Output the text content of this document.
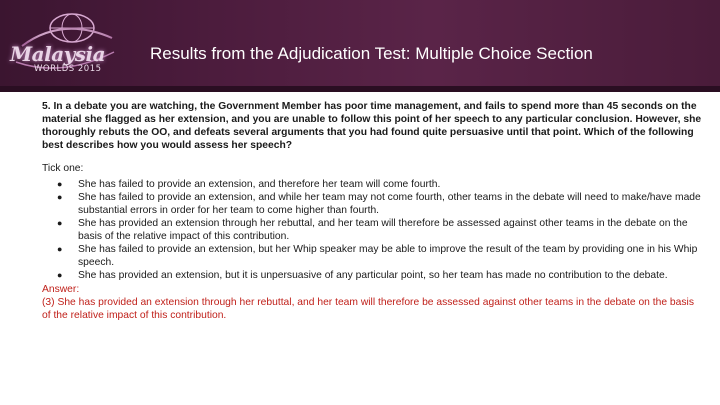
Malaysia
WORLDS 2015
Results from the Adjudication Test: Multiple Choice Section

5. In a debate you are watching, the Government Member has poor time management, and fails to spend more than 45 seconds on the material she flagged as her extension, and you are unable to follow this point of her speech to any particular conclusion. However, she thoroughly rebuts the OO, and defeats several arguments that you had found quite persuasive until that point. Which of the following best describes how you would assess her speech?

Tick one:

● She has failed to provide an extension, and therefore her team will come fourth.
● She has failed to provide an extension, and while her team may not come fourth, other teams in the debate will need to make/have made substantial errors in order for her team to come higher than fourth.
● She has provided an extension through her rebuttal, and her team will therefore be assessed against other teams in the debate on the basis of the relative impact of this contribution.
● She has failed to provide an extension, but her Whip speaker may be able to improve the result of the team by providing one in his Whip speech.
● She has provided an extension, but it is unpersuasive of any particular point, so her team has made no contribution to the debate.
Answer:
(3) She has provided an extension through her rebuttal, and her team will therefore be assessed against other teams in the debate on the basis of the relative impact of this contribution.
